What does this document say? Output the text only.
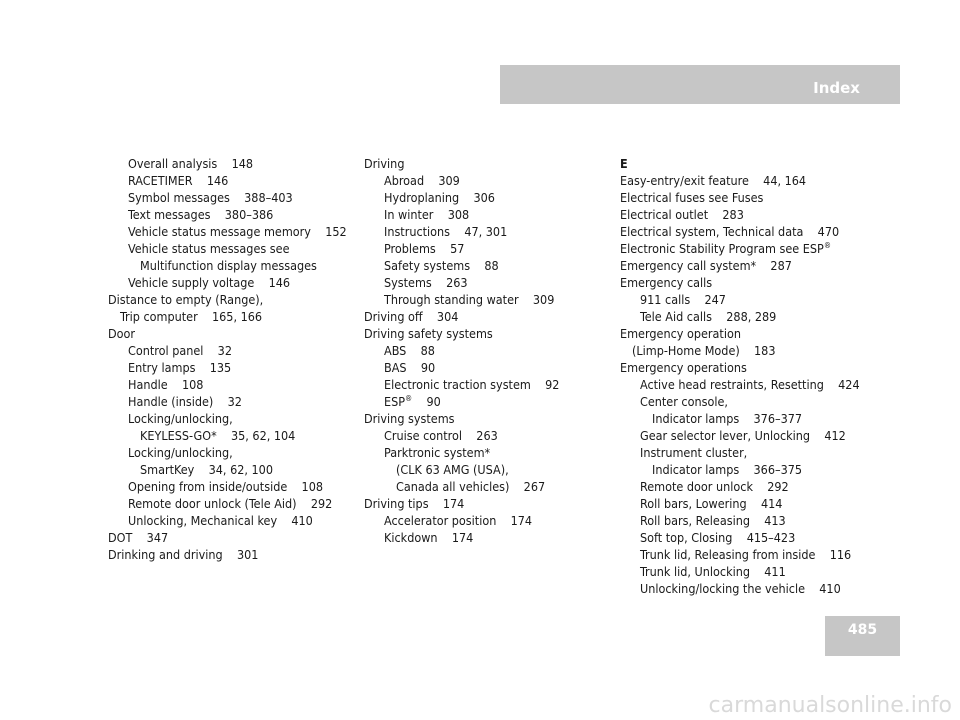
Index
Overall analysis    148
RACETIMER    146
Symbol messages    388–403
Text messages    380–386
Vehicle status message memory    152
Vehicle status messages see
Multifunction display messages
Vehicle supply voltage    146
Distance to empty (Range),
Trip computer    165, 166
Door
Control panel    32
Entry lamps    135
Handle    108
Handle (inside)    32
Locking/unlocking,
KEYLESS-GO*    35, 62, 104
Locking/unlocking,
SmartKey    34, 62, 100
Opening from inside/outside    108
Remote door unlock (Tele Aid)    292
Unlocking, Mechanical key    410
DOT    347
Drinking and driving    301
Driving
Abroad    309
Hydroplaning    306
In winter    308
Instructions    47, 301
Problems    57
Safety systems    88
Systems    263
Through standing water    309
Driving off    304
Driving safety systems
ABS    88
BAS    90
Electronic traction system    92
ESP®    90
Driving systems
Cruise control    263
Parktronic system*
(CLK 63 AMG (USA),
Canada all vehicles)    267
Driving tips    174
Accelerator position    174
Kickdown    174
E
Easy-entry/exit feature    44, 164
Electrical fuses see Fuses
Electrical outlet    283
Electrical system, Technical data    470
Electronic Stability Program see ESP®
Emergency call system*    287
Emergency calls
911 calls    247
Tele Aid calls    288, 289
Emergency operation
(Limp-Home Mode)    183
Emergency operations
Active head restraints, Resetting    424
Center console,
Indicator lamps    376–377
Gear selector lever, Unlocking    412
Instrument cluster,
Indicator lamps    366–375
Remote door unlock    292
Roll bars, Lowering    414
Roll bars, Releasing    413
Soft top, Closing    415–423
Trunk lid, Releasing from inside    116
Trunk lid, Unlocking    411
Unlocking/locking the vehicle    410
485
carmanualsonline.info
